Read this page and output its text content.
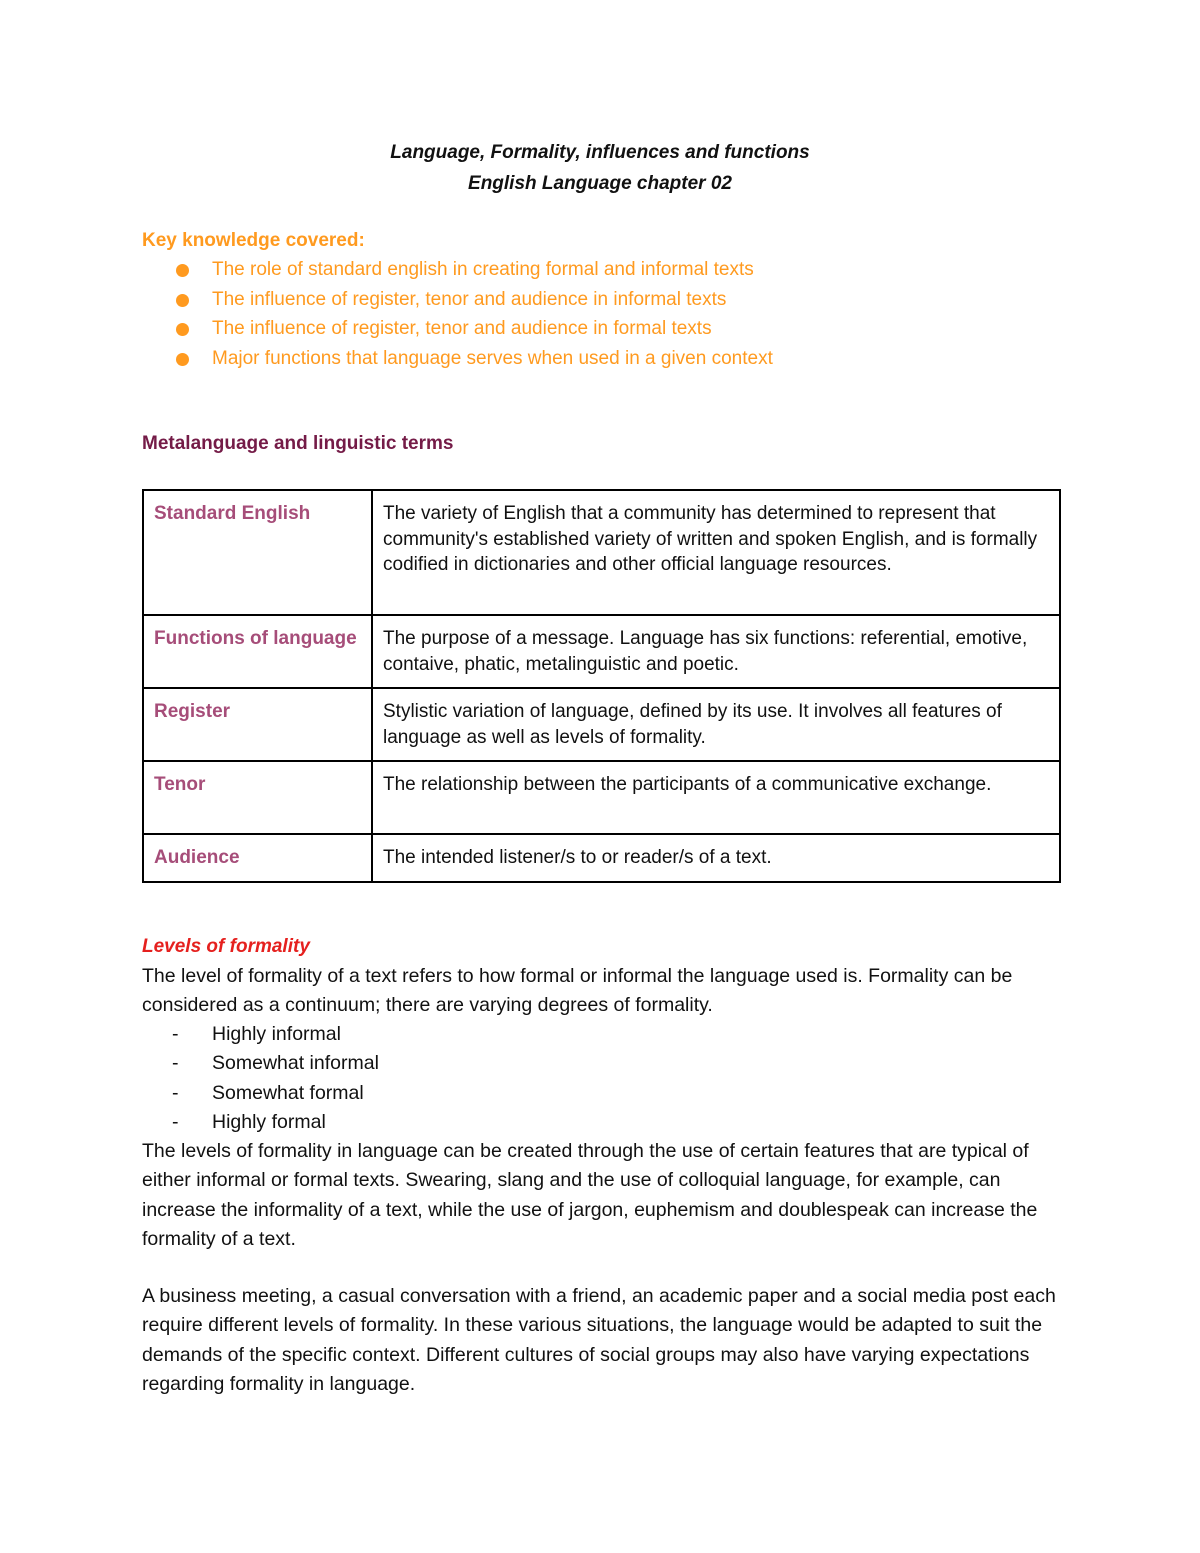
Language, Formality, influences and functions
English Language chapter 02
Key knowledge covered:
The role of standard english in creating formal and informal texts
The influence of register, tenor and audience in informal texts
The influence of register, tenor and audience in formal texts
Major functions that language serves when used in a given context
Metalanguage and linguistic terms
Standard English	The variety of English that a community has determined to represent that community's established variety of written and spoken English, and is formally codified in dictionaries and other official language resources.
Functions of language	The purpose of a message. Language has six functions: referential, emotive, contaive, phatic, metalinguistic and poetic.
Register	Stylistic variation of language, defined by its use. It involves all features of language as well as levels of formality.
Tenor	The relationship between the participants of a communicative exchange.
Audience	The intended listener/s to or reader/s of a text.
Levels of formality
The level of formality of a text refers to how formal or informal the language used is. Formality can be considered as a continuum; there are varying degrees of formality.
- Highly informal
- Somewhat informal
- Somewhat formal
- Highly formal
The levels of formality in language can be created through the use of certain features that are typical of either informal or formal texts. Swearing, slang and the use of colloquial language, for example, can increase the informality of a text, while the use of jargon, euphemism and doublespeak can increase the formality of a text.
A business meeting, a casual conversation with a friend, an academic paper and a social media post each require different levels of formality. In these various situations, the language would be adapted to suit the demands of the specific context. Different cultures of social groups may also have varying expectations regarding formality in language.
